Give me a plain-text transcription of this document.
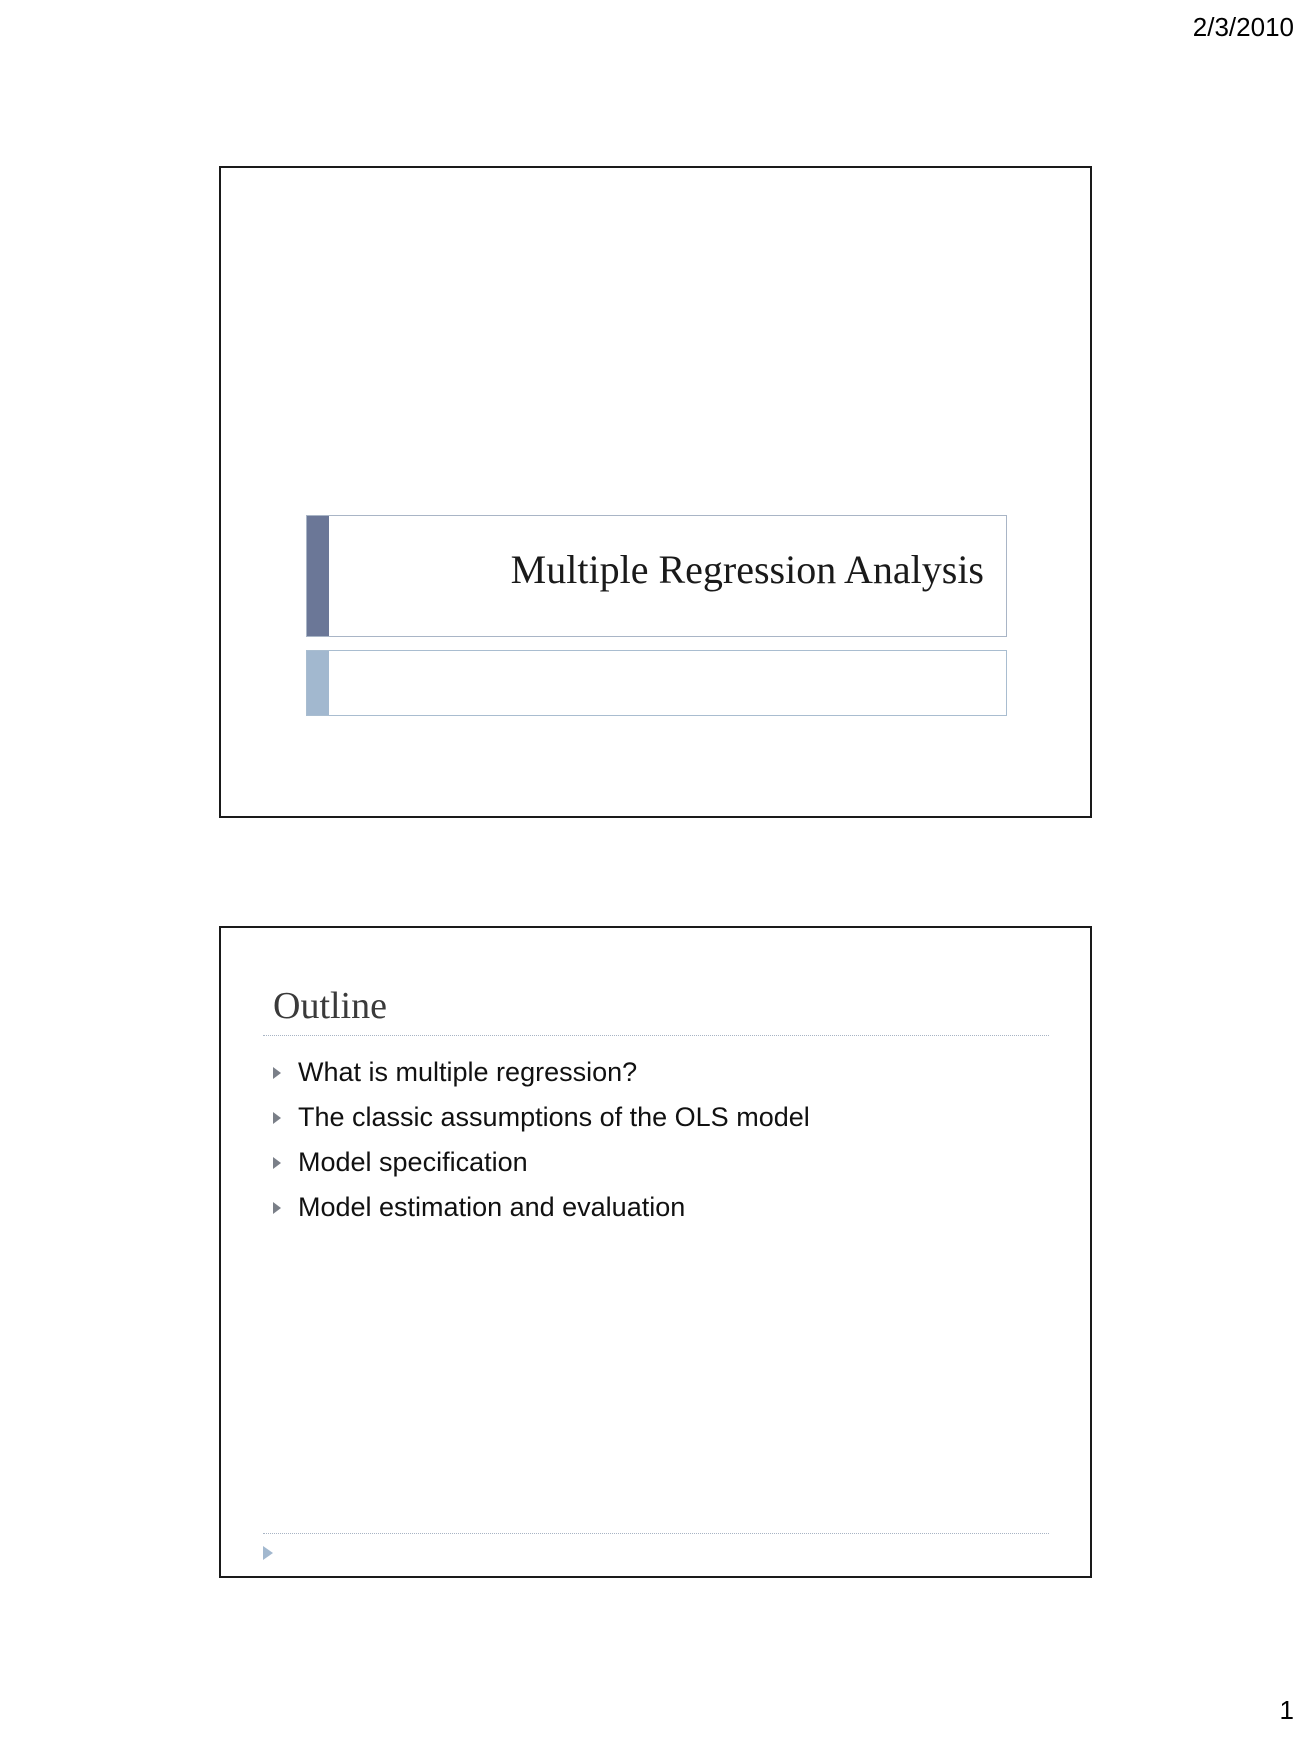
2/3/2010
Multiple Regression Analysis
Outline
What is multiple regression?
The classic assumptions of the OLS model
Model specification
Model estimation and evaluation
1
